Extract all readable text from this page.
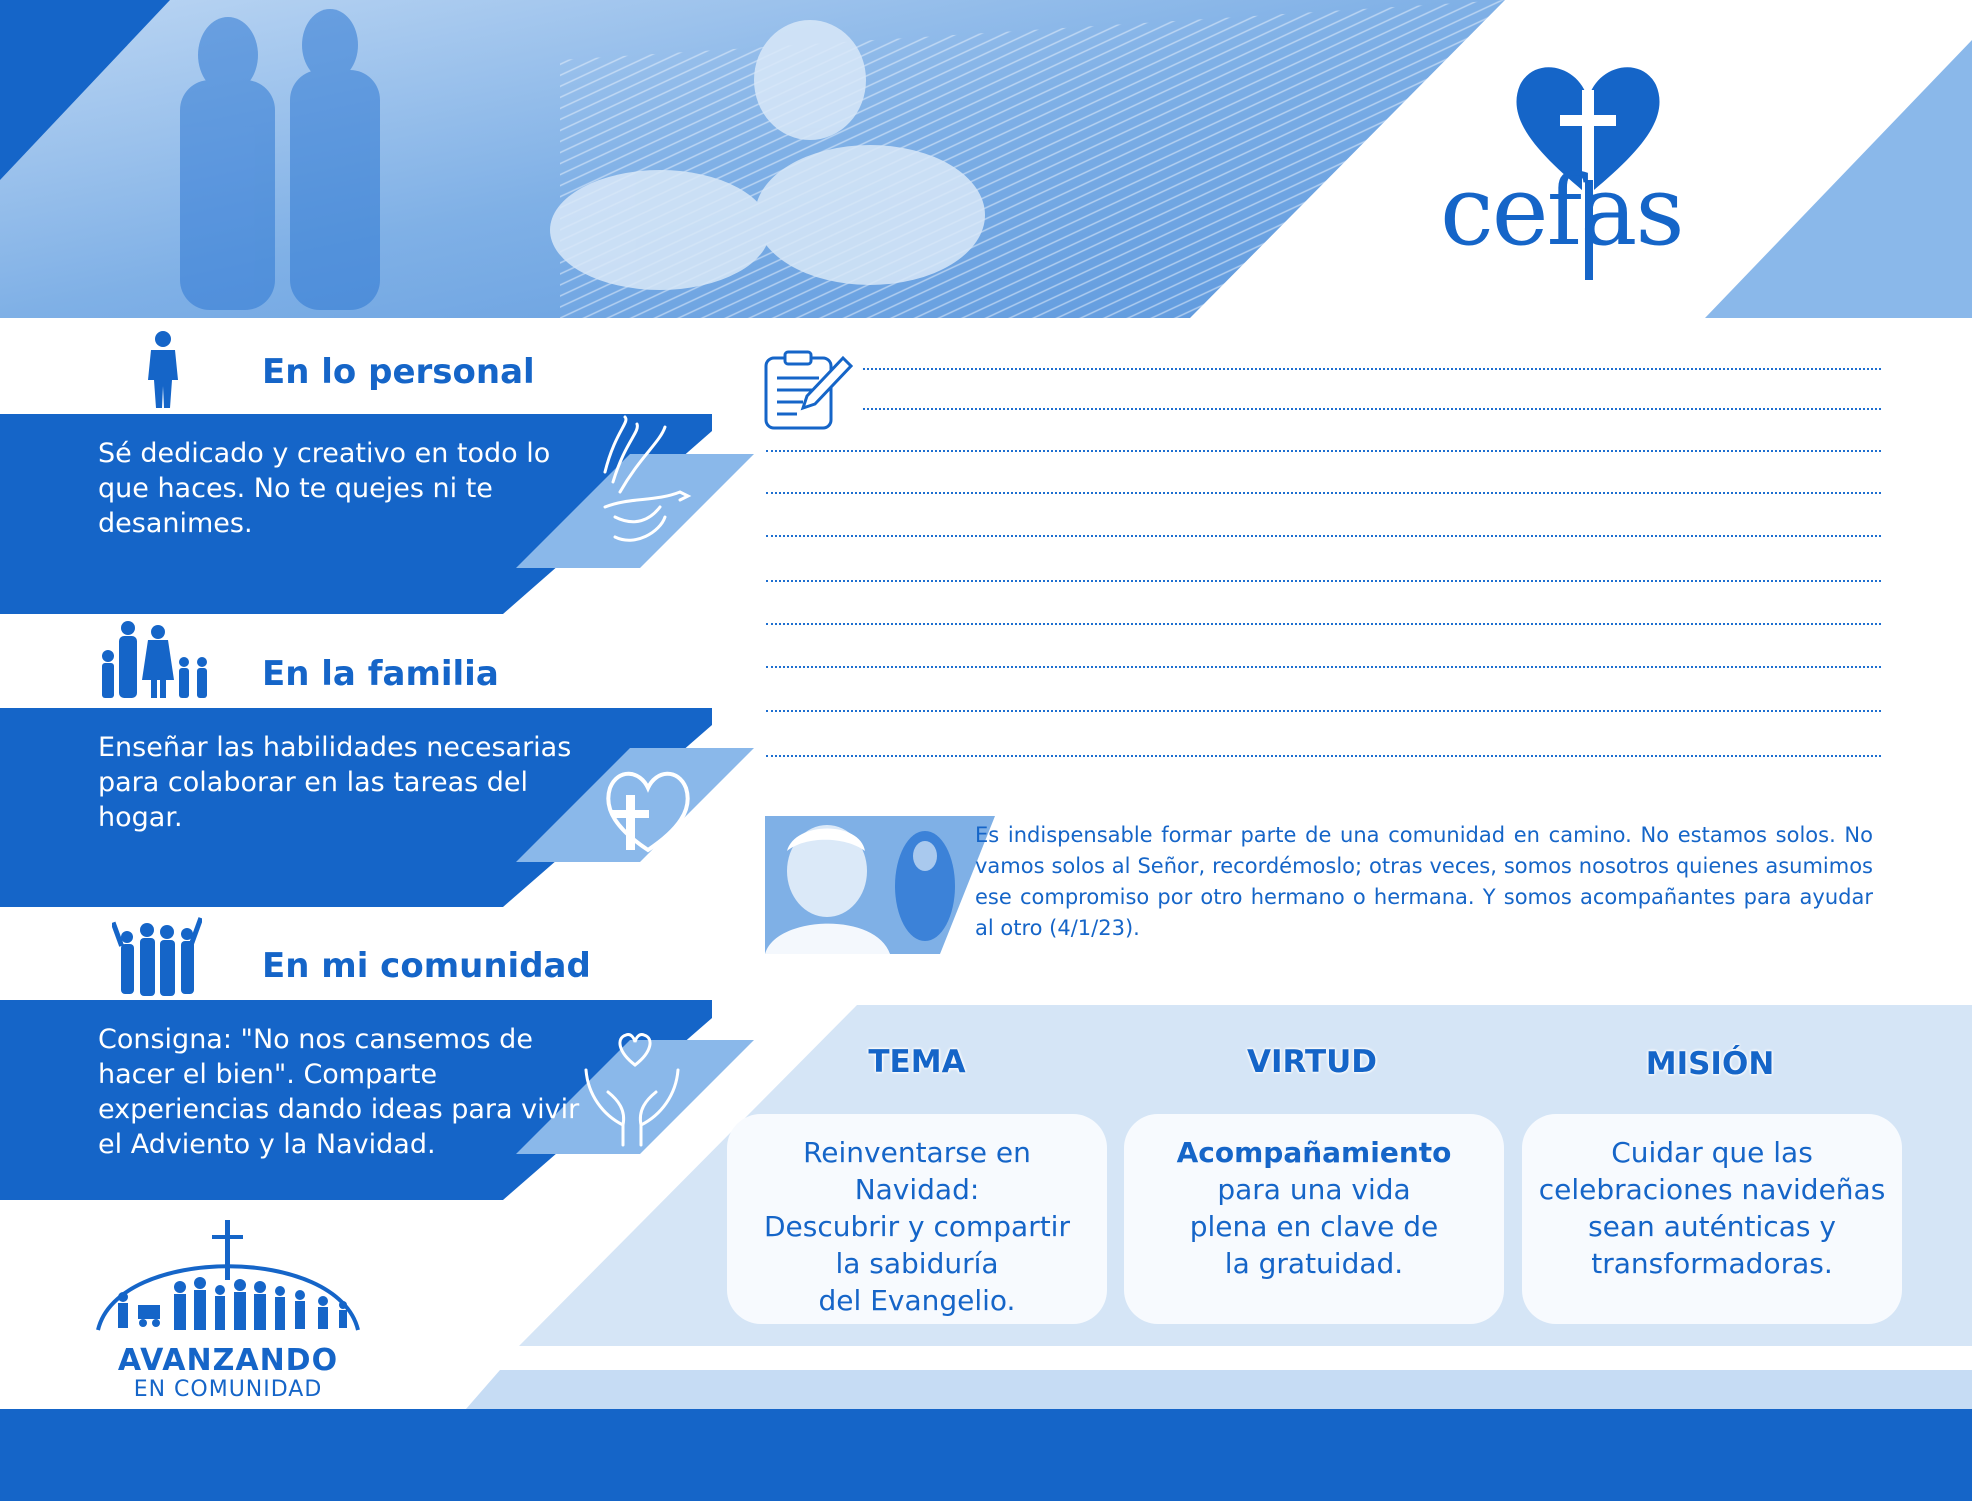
cefas
En lo personal
Sé dedicado y creativo en todo lo que haces. No te quejes ni te desanimes.
En la familia
Enseñar las habilidades necesarias para colaborar en las tareas del hogar.
En mi comunidad
Consigna: "No nos cansemos de hacer el bien". Comparte experiencias dando ideas para vivir el Adviento y la Navidad.
AVANZANDO
EN COMUNIDAD
Es indispensable formar parte de una comunidad en camino. No estamos solos. No vamos solos al Señor, recordémoslo; otras veces, somos nosotros quienes asumimos ese compromiso por otro hermano o hermana. Y somos acompañantes para ayudar al otro (4/1/23).
TEMA	VIRTUD	MISIÓN
Reinventarse en Navidad:
Descubrir y compartir
la sabiduría
del Evangelio.
Acompañamiento
para una vida
plena en clave de
la gratuidad.
Cuidar que las
celebraciones navideñas
sean auténticas y
transformadoras.
